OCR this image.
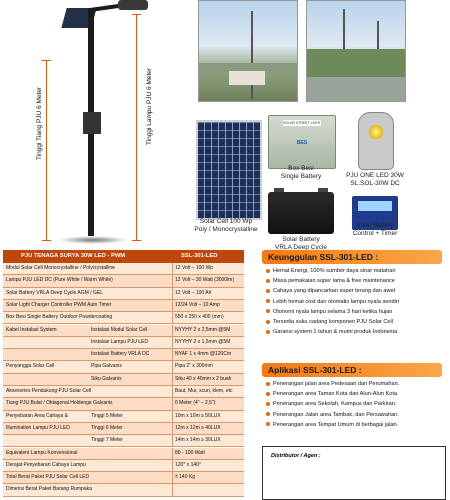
Tinggi Tiang PJU 6 Meter	Tinggi Lampu PJU 6 Meter
Solar Cell 100 Wp
Poly / Monocrystalline
SOLAR STREET LIGHT
BES
Box Besi
Single Battery	PJU ONE LED 30W
SL.SOL-30W DC
Solar Battery
VRLA Deep Cycle
Solar Battery
Control + Timer
PJU TENAGA SURYA 30W LED - PWM	SSL-301-LED
Modul Solar Cell Monocrystalline / Polycrystalline	12 Volt – 100 Wp
Lampu PJU LED DC (Pure White / Warm White)	12 Volt – 30 Watt (3000lm)
Solar Battery VRLA Deep Cycle AGM / GEL	12 Volt – 100 Ah
Solar Light Charger Controller PWM Auto Timer	12/24 Volt – 10 Amp
Box Besi Single Battery Outdoor Powdercoating	550 x 250 x 400 (mm)
Kabel Instalasi System	Instalasi Modul Solar Cell	NYYHY 2 x 2,5mm @5M
Instalasi Lampu PJU LED	NYYHY 2 x 1,5mm @5M
Instalasi Battery VRLA DC	NYAF 1 x 4mm @120Cm
Penyangga Solar Cell	Pipa Galvanis	Pipa 2” x 300mm
Siku Galvanis	Siku 40 x 40mm x 2 buah
Aksesories Pendukung PJU Solar Cell	Baut, Mur, scun, klem, etc
Tiang PJU Bulat / Oktagonal Holdenge Galvanis	6 Meter (4” – 2,5”)
Penyebaran Area Cahaya &	Tinggi 5 Meter	10m x 10m ≥ 50LUX
Illumination Lampu PJU LED	Tinggi 6 Meter	12m x 12m ≥ 40LUX
Tinggi 7 Meter	14m x 14m ≥ 30LUX
Equivalent Lampu Konvensional	80 - 100 Watt
Derajat Penyebaran Cahaya Lampu	120° x 140°
Total Berat Paket PJU Solar Cell LED	± 140 Kg
Dimensi Berat Paket Barang Rumpaka
Keunggulan SSL-301-LED :
Hemat Energi, 100% sumber daya sinar matahari
Masa pemakaian super lama & free maintenance
Cahaya yang dipancarkan super terang dan awet
Lebih hemat cost dan otomatis lampu nyala sendiri
Otonomi nyala lampu selama 3 hari ketika hujan
Tersedia suku cadang komponen PJU Solar Cell
Garansi system 1 tahun & mumi produk Indonesia
Aplikasi SSL-301-LED :
Penerangan jalan area Pedesaan dan Perumahan.
Penerangan area Taman Kota dan Alun-Alun Kota.
Penerangan area Sekolah, Kampus dan Parkiran.
Penerangan Jalan area Tambak, dan Persawahan.
Penerangan area Tempat Umum di berbagai jalan.
Distributor / Agen :
